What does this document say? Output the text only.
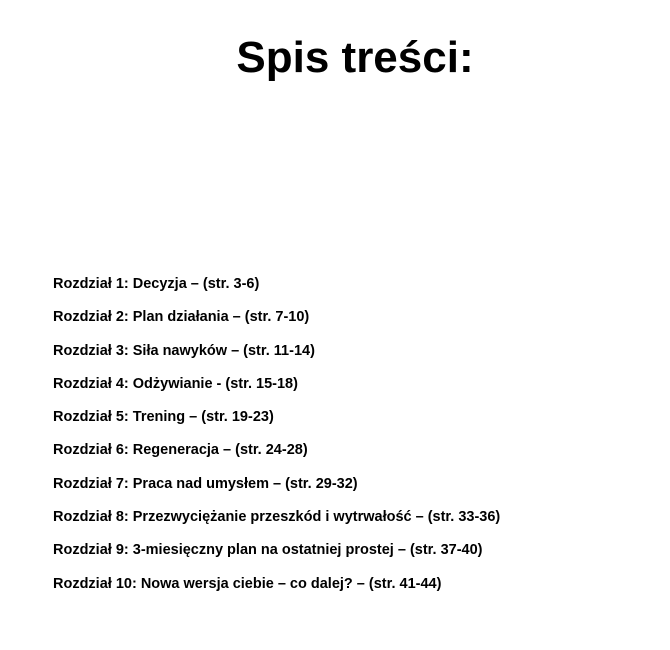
Spis treści:
Rozdział 1: Decyzja – (str. 3-6)
Rozdział 2: Plan działania – (str. 7-10)
Rozdział 3: Siła nawyków – (str. 11-14)
Rozdział 4: Odżywianie - (str. 15-18)
Rozdział 5: Trening – (str. 19-23)
Rozdział 6: Regeneracja – (str. 24-28)
Rozdział 7: Praca nad umysłem – (str. 29-32)
Rozdział 8: Przezwyciężanie przeszkód i wytrwałość – (str. 33-36)
Rozdział 9: 3-miesięczny plan na ostatniej prostej – (str. 37-40)
Rozdział 10: Nowa wersja ciebie – co dalej? – (str. 41-44)
